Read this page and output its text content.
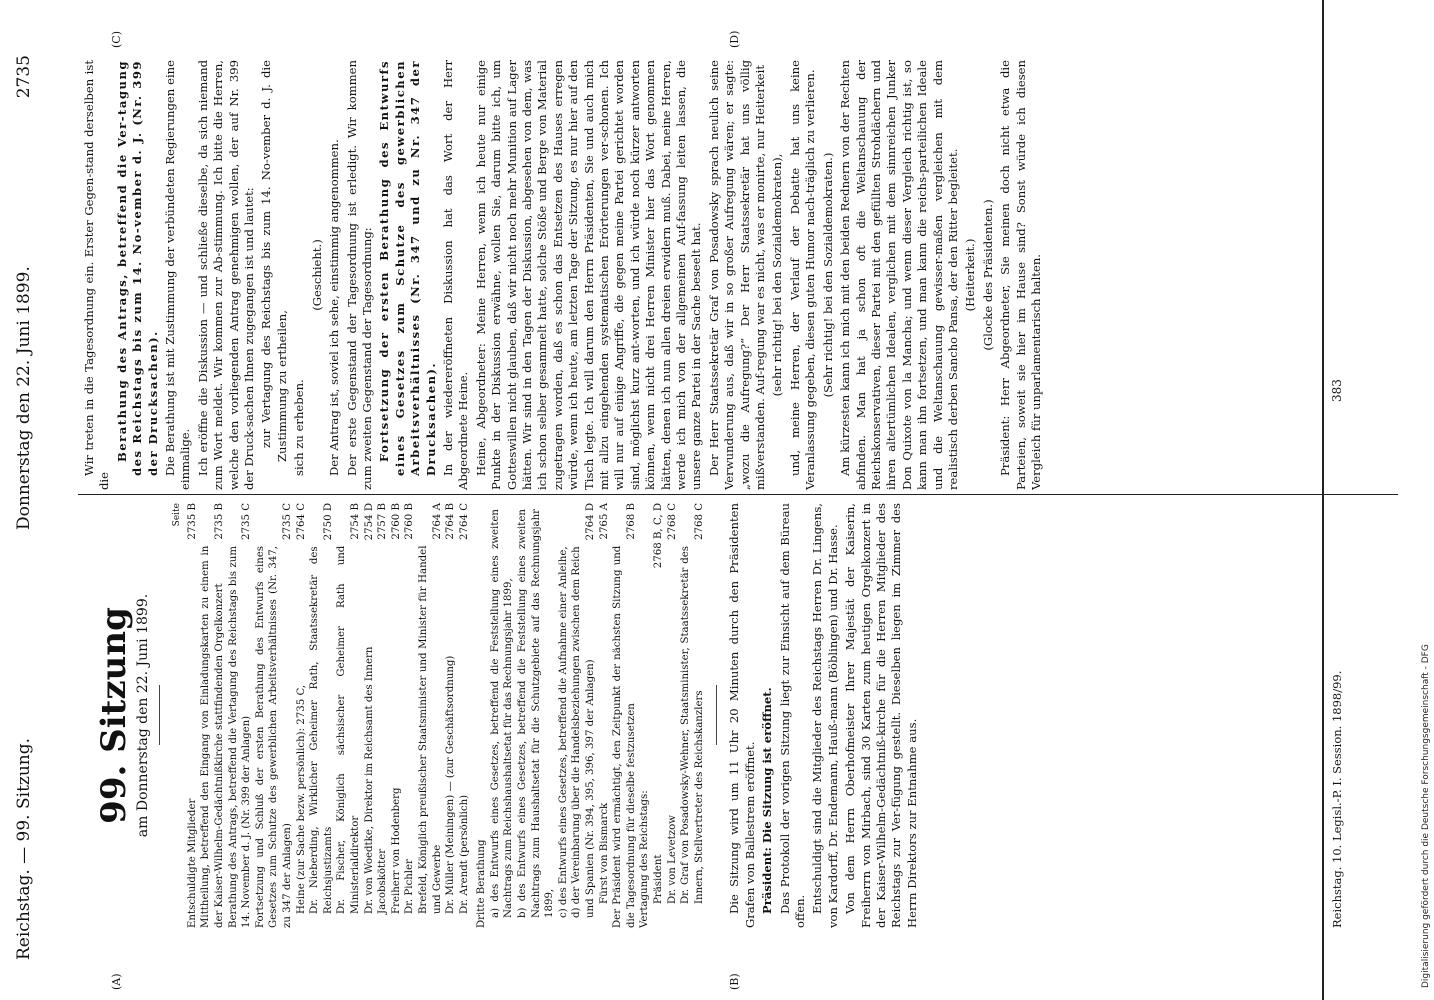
Reichstag. — 99. Sitzung.
Donnerstag den 22. Juni 1899.
2735
(A)	(B)
(C)	(D)
99. Sitzung am Donnerstag den 22. Juni 1899.
Seite
Entschuldigte Mitglieder
2735 B
Mittheilung, betreffend den Eingang von Einladungskarten zu einem in der Kaiser-Wilhelm-Gedächtnißkirche stattfindenden Orgelkonzert
2735 B
Berathung des Antrags, betreffend die Vertagung des Reichstags bis zum 14. November d. J. (Nr. 399 der Anlagen)
2735 C
Fortsetzung und Schluß der ersten Berathung des Entwurfs eines Gesetzes zum Schutze des gewerblichen Arbeitsverhältnisses (Nr. 347, zu 347 der Anlagen)
2735 C
Heine (zur Sache bezw. persönlich): 2735 C,
2764 C
Dr. Nieberding, Wirklicher Geheimer Rath, Staatssekretär des Reichsjustizamts
2750 D
Dr. Fischer, Königlich sächsischer Geheimer Rath und Ministerialdirektor
2754 B
Dr. von Woedtke, Direktor im Reichsamt des Innern
2754 D
Jacobskötter
2757 B
Freiherr von Hodenberg
2760 B
Dr. Pichler
2760 B
Brefeld, Königlich preußischer Staatsminister und Minister für Handel und Gewerbe
2764 A
Dr. Müller (Meiningen) — (zur Geschäftsordnung)
2764 B
Dr. Arendt (persönlich)
2764 C
Dritte Berathung a) des Entwurfs eines Gesetzes, betreffend die Feststellung eines zweiten Nachtrags zum Reichshaushaltsetat für das Rechnungsjahr 1899, b) des Entwurfs eines Gesetzes, betreffend die Feststellung eines zweiten Nachtrags zum Haushaltsetat für die Schutzgebiete auf das Rechnungsjahr 1899, c) des Entwurfs eines Gesetzes, betreffend die Aufnahme einer Anleihe, d) der Vereinbarung über die Handelsbeziehungen zwischen dem Reich und Spanien (Nr. 394, 395, 396, 397 der Anlagen)
2764 D
Fürst von Bismarck
2765 A
Der Präsident wird ermächtigt, den Zeitpunkt der nächsten Sitzung und die Tagesordnung für dieselbe festzusetzen
2768 B
Vertagung des Reichstags: Präsident
2768 B, C, D
Dr. von Levetzow
2768 C
Dr. Graf von Posadowsky-Wehner, Staatsminister, Staatssekretär des Innern, Stellvertreter des Reichskanzlers
2768 C Die Sitzung wird um 11 Uhr 20 Minuten durch den Präsidenten Grafen von Ballestrem eröffnet. Präsident: Die Sitzung ist eröffnet. Das Protokoll der vorigen Sitzung liegt zur Einsicht auf dem Büreau offen. Entschuldigt sind die Mitglieder des Reichstags Herren Dr. Lingens, von Kardorff, Dr. Endemann, Hauß-mann (Böblingen) und Dr. Hasse. Von dem Herrn Oberhofmeister Ihrer Majestät der Kaiserin, Freiherrn von Mirbach, sind 30 Karten zum heutigen Orgelkonzert in der Kaiser-Wilhelm-Gedächtniß-kirche für die Herren Mitglieder des Reichstags zur Ver-fügung gestellt. Dieselben liegen im Zimmer des Herrn Direktors zur Entnahme aus.

Wir treten in die Tagesordnung ein. Erster Gegen-stand derselben ist die

Berathung des Antrags, betreffend die Ver-tagung des Reichstags bis zum 14. No-vember d. J. (Nr. 399 der Drucksachen). Die Berathung ist mit Zustimmung der verbündeten Regierungen eine einmalige. Ich eröffne die Diskussion — und schließe dieselbe, da sich niemand zum Wort meldet. Wir kommen zur Ab-stimmung. Ich bitte die Herren, welche den vorliegenden Antrag genehmigen wollen, der auf Nr. 399 der Druck-sachen Ihnen zugegangen ist und lautet: zur Vertagung des Reichstags bis zum 14. No-vember d. J. die Zustimmung zu ertheilen, sich zu erheben.

(Geschieht.) Der Antrag ist, soviel ich sehe, einstimmig angenommen. Der erste Gegenstand der Tagesordnung ist erledigt. Wir kommen zum zweiten Gegenstand der Tagesordnung: Fortsetzung der ersten Berathung des Entwurfs eines Gesetzes zum Schutze des gewerblichen Arbeitsverhältnisses (Nr. 347 und zu Nr. 347 der Drucksachen). In der wiedereröffneten Diskussion hat das Wort der Herr Abgeordnete Heine. Heine, Abgeordneter: Meine Herren, wenn ich heute nur einige Punkte in der Diskussion erwähne, wollen Sie, darum bitte ich, um Gotteswillen nicht glauben, daß wir nicht noch mehr Munition auf Lager hätten. Wir sind in den Tagen der Diskussion, abgesehen von dem, was ich schon selber gesammelt hatte, solche Stöße und Berge von Material zugetragen worden, daß es schon das Entsetzen des Hauses erregen würde, wenn ich heute, am letzten Tage der Sitzung, es nur hier auf den Tisch legte. Ich will darum den Herrn Präsidenten, Sie und auch mich mit allzu eingehenden systematischen Erörterungen ver-schonen. Ich will nur auf einige Angriffe, die gegen meine Partei gerichtet worden sind, möglichst kurz ant-worten, und ich würde noch kürzer antworten können, wenn nicht drei Herren Minister hier das Wort genommen hätten, denen ich nun allen dreien erwidern muß. Dabei, meine Herren, werde ich mich von der allgemeinen Auf-fassung leiten lassen, die unsere ganze Partei in der Sache beseelt hat. Der Herr Staatssekretär Graf von Posadowsky sprach neulich seine Verwunderung aus, daß wir in so großer Aufregung wären; er sagte: „wozu die Aufregung?“ Der Herr Staatssekretär hat uns völlig mißverstanden. Auf-regung war es nicht, was er monirte, nur Heiterkeit (sehr richtig! bei den Sozialdemokraten), und, meine Herren, der Verlauf der Debatte hat uns keine Veranlassung gegeben, diesen guten Humor nach-träglich zu verlieren. (Sehr richtig! bei den Sozialdemokraten.) Am kürzesten kann ich mich mit den beiden Rednern von der Rechten abfinden. Man hat ja schon oft die Weltanschauung der Reichskonservativen, dieser Partei mit den gefüllten Strohdächern und ihren altertümlichen Idealen, verglichen mit dem sinnreichen Junker Don Quixote von la Mancha; und wenn dieser Vergleich richtig ist, so kann man ihn fortsetzen, und man kann die reichs-parteilichen Ideale und die Weltanschauung gewisser-maßen vergleichen mit dem realistisch derben Sancho Pansa, der den Ritter begleitet. (Heiterkeit.) (Glocke des Präsidenten.) Präsident: Herr Abgeordneter, Sie meinen doch nicht etwa die Parteien, soweit sie hier im Hause sind? Sonst würde ich diesen Vergleich für unparlamentarisch halten.

Reichstag. 10. Legisl.-P. I. Session. 1898/99.
383
Digitalisierung gefördert durch die Deutsche Forschungsgemeinschaft - DFG
